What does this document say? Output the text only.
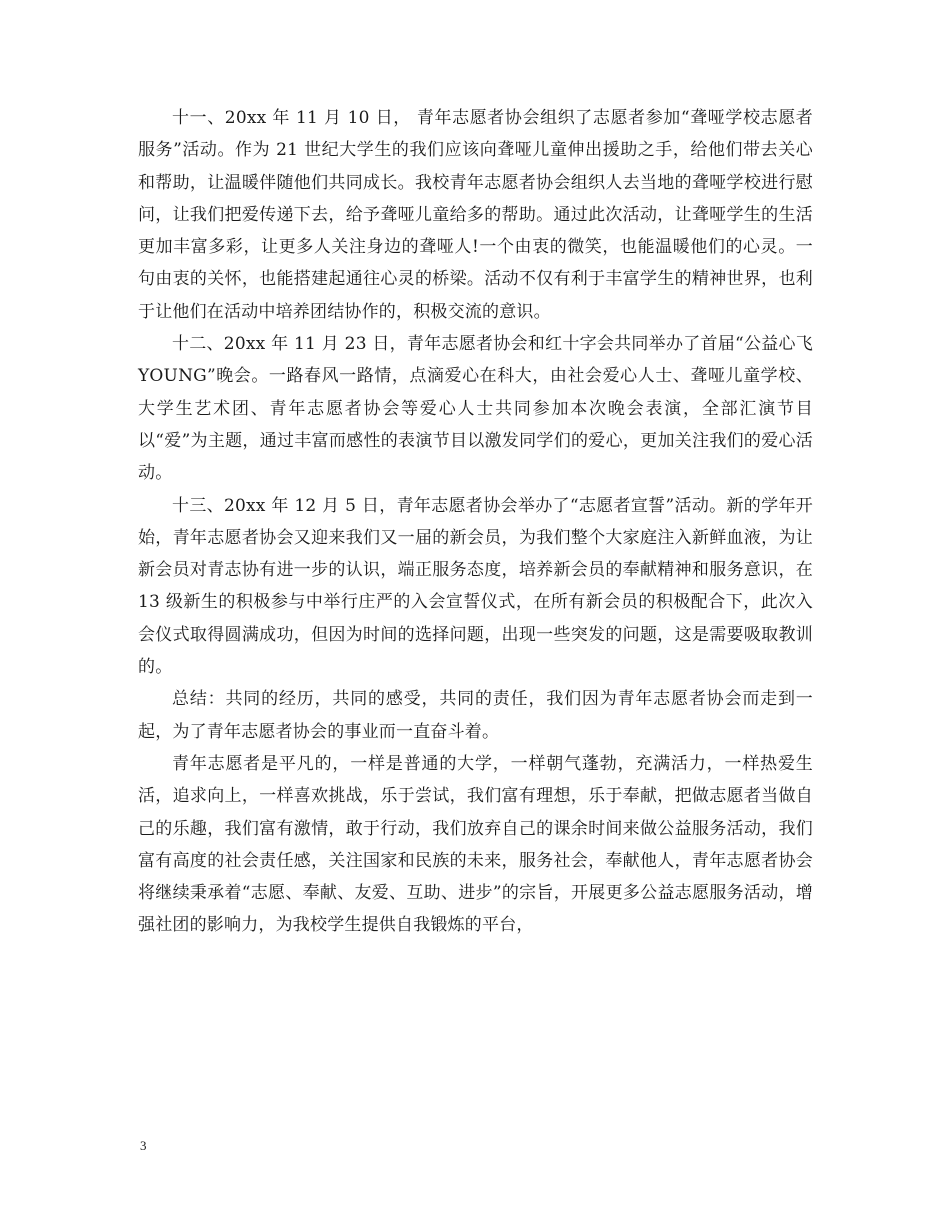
十一、20xx 年 11 月 10 日， 青年志愿者协会组织了志愿者参加“聋哑学校志愿者服务”活动。作为 21 世纪大学生的我们应该向聋哑儿童伸出援助之手，给他们带去关心和帮助，让温暖伴随他们共同成长。我校青年志愿者协会组织人去当地的聋哑学校进行慰问，让我们把爱传递下去，给予聋哑儿童给多的帮助。通过此次活动，让聋哑学生的生活更加丰富多彩，让更多人关注身边的聋哑人!一个由衷的微笑，也能温暖他们的心灵。一句由衷的关怀，也能搭建起通往心灵的桥梁。活动不仅有利于丰富学生的精神世界，也利于让他们在活动中培养团结协作的，积极交流的意识。

十二、20xx 年 11 月 23 日，青年志愿者协会和红十字会共同举办了首届“公益心飞 YOUNG”晚会。一路春风一路情，点滴爱心在科大，由社会爱心人士、聋哑儿童学校、大学生艺术团、青年志愿者协会等爱心人士共同参加本次晚会表演，全部汇演节目以“爱”为主题，通过丰富而感性的表演节目以激发同学们的爱心，更加关注我们的爱心活动。

十三、20xx 年 12 月 5 日，青年志愿者协会举办了“志愿者宣誓”活动。新的学年开始，青年志愿者协会又迎来我们又一届的新会员，为我们整个大家庭注入新鲜血液，为让新会员对青志协有进一步的认识，端正服务态度，培养新会员的奉献精神和服务意识，在 13 级新生的积极参与中举行庄严的入会宣誓仪式，在所有新会员的积极配合下，此次入会仪式取得圆满成功，但因为时间的选择问题，出现一些突发的问题，这是需要吸取教训的。

总结：共同的经历，共同的感受，共同的责任，我们因为青年志愿者协会而走到一起，为了青年志愿者协会的事业而一直奋斗着。

青年志愿者是平凡的，一样是普通的大学，一样朝气蓬勃，充满活力，一样热爱生活，追求向上，一样喜欢挑战，乐于尝试，我们富有理想，乐于奉献，把做志愿者当做自己的乐趣，我们富有激情，敢于行动，我们放弃自己的课余时间来做公益服务活动，我们富有高度的社会责任感，关注国家和民族的未来，服务社会，奉献他人，青年志愿者协会将继续秉承着“志愿、奉献、友爱、互助、进步”的宗旨，开展更多公益志愿服务活动，增强社团的影响力，为我校学生提供自我锻炼的平台，

3
